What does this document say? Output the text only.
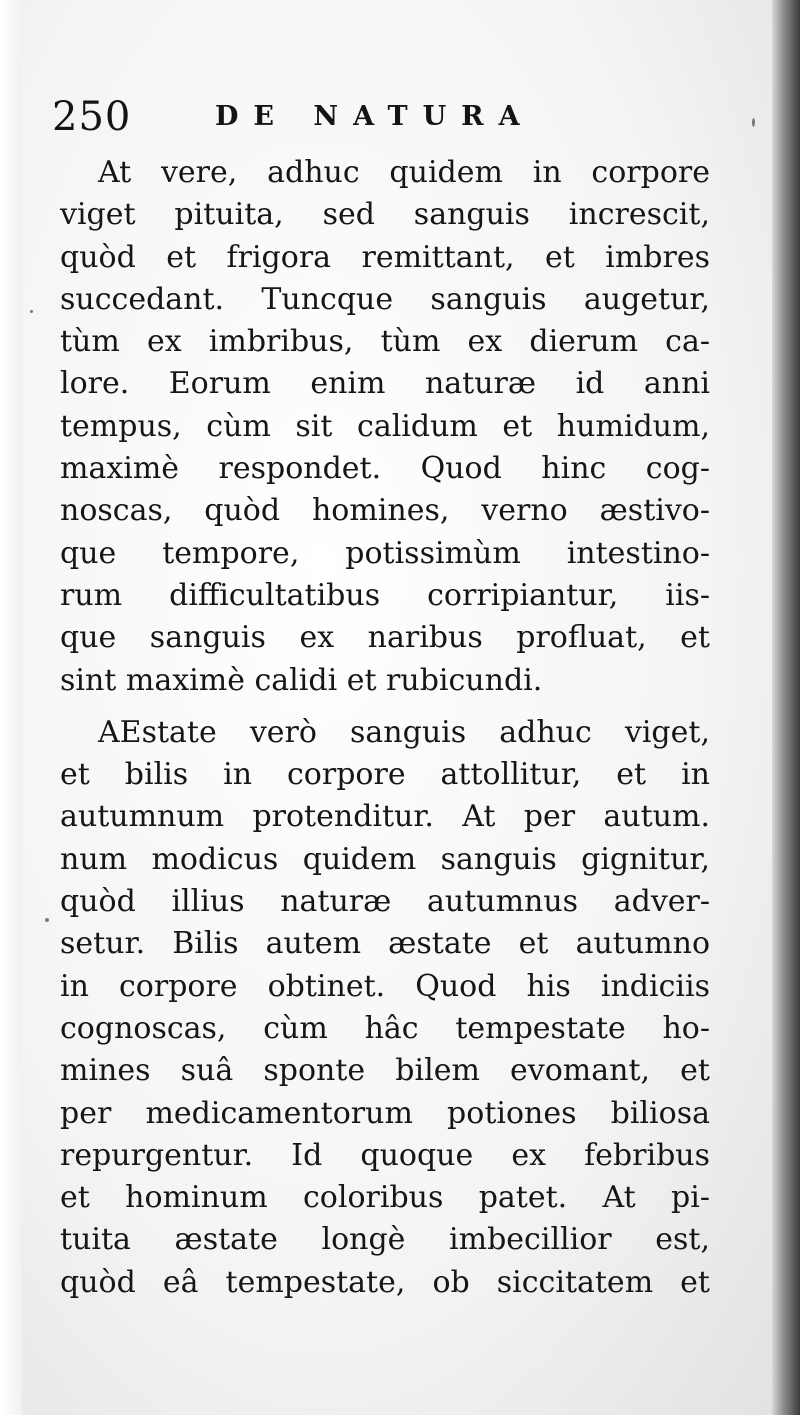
250	DE NATURA

At vere, adhuc quidem in corpore
viget pituita, sed sanguis increscit,
quòd et frigora remittant, et imbres
succedant. Tuncque sanguis augetur,
tùm ex imbribus, tùm ex dierum ca-
lore. Eorum enim naturæ id anni
tempus, cùm sit calidum et humidum,
maximè respondet. Quod hinc cog-
noscas, quòd homines, verno æstivo-
que tempore, potissimùm intestino-
rum difficultatibus corripiantur, iis-
que sanguis ex naribus profluat, et
sint maximè calidi et rubicundi.

AEstate verò sanguis adhuc viget,
et bilis in corpore attollitur, et in
autumnum protenditur. At per autum.
num modicus quidem sanguis gignitur,
quòd illius naturæ autumnus adver-
setur. Bilis autem æstate et autumno
in corpore obtinet. Quod his indiciis
cognoscas, cùm hâc tempestate ho-
mines suâ sponte bilem evomant, et
per medicamentorum potiones biliosa
repurgentur. Id quoque ex febribus
et hominum coloribus patet. At pi-
tuita æstate longè imbecillior est,
quòd eâ tempestate, ob siccitatem et
